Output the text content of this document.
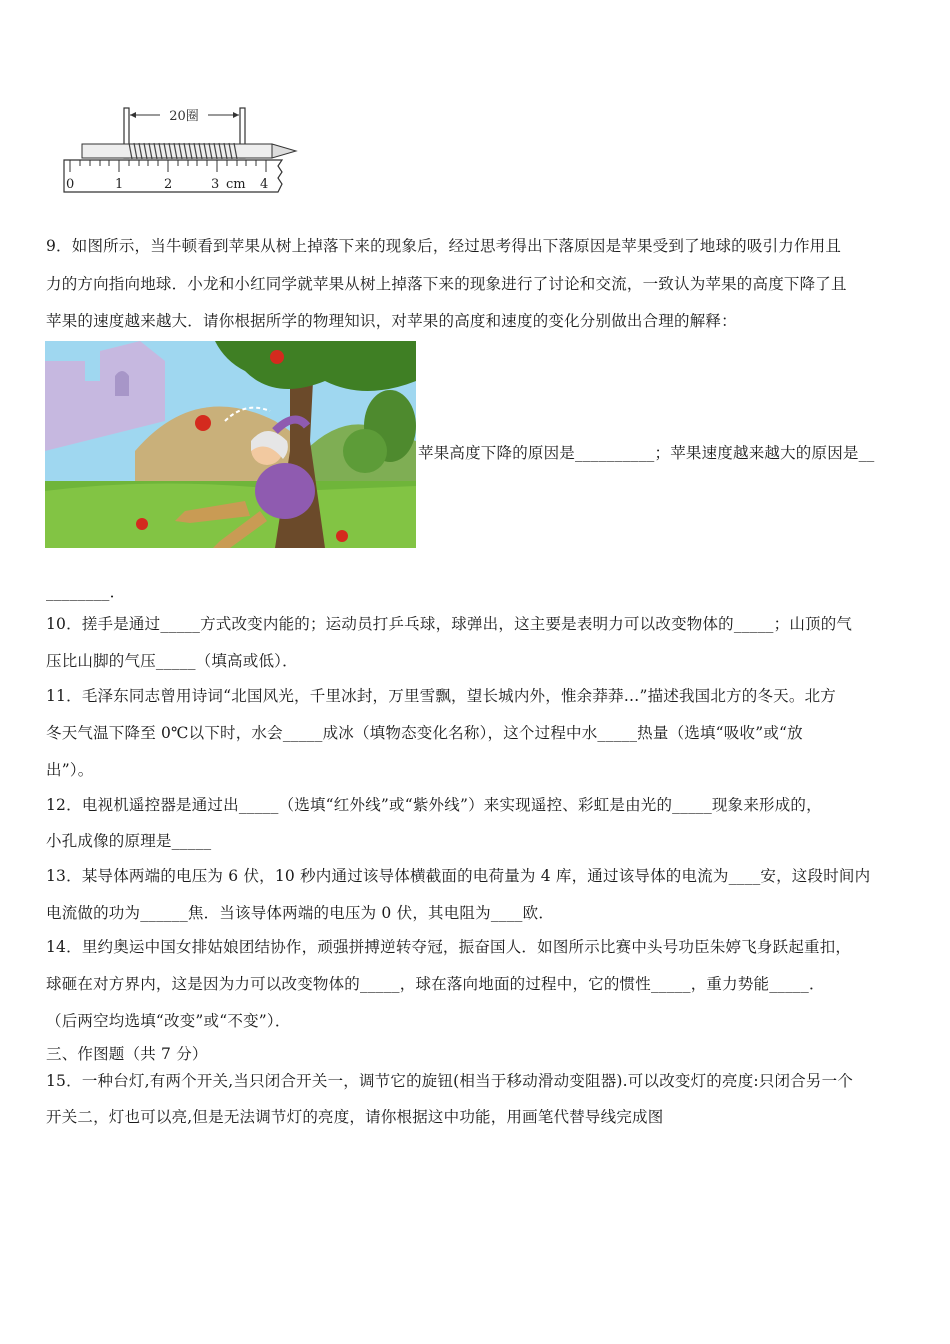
20圈
0	1	2	3 cm 4
9．如图所示，当牛顿看到苹果从树上掉落下来的现象后，经过思考得出下落原因是苹果受到了地球的吸引力作用且
力的方向指向地球．小龙和小红同学就苹果从树上掉落下来的现象进行了讨论和交流，一致认为苹果的高度下降了且
苹果的速度越来越大．请你根据所学的物理知识，对苹果的高度和速度的变化分别做出合理的解释：
苹果高度下降的原因是__________；苹果速度越来越大的原因是__
________．
10．搓手是通过_____方式改变内能的；运动员打乒乓球，球弹出，这主要是表明力可以改变物体的_____；山顶的气
压比山脚的气压_____（填高或低）．
11．毛泽东同志曾用诗词“北国风光，千里冰封，万里雪飘，望长城内外，惟余莽莽…”描述我国北方的冬天。北方
冬天气温下降至 0℃以下时，水会_____成冰（填物态变化名称），这个过程中水_____热量（选填“吸收”或“放
出”）。
12．电视机遥控器是通过出_____（选填“红外线”或“紫外线”）来实现遥控、彩虹是由光的_____现象来形成的，
小孔成像的原理是_____
13．某导体两端的电压为 6 伏，10 秒内通过该导体横截面的电荷量为 4 库，通过该导体的电流为____安，这段时间内
电流做的功为______焦．当该导体两端的电压为 0 伏，其电阻为____欧．
14．里约奥运中国女排姑娘团结协作，顽强拼搏逆转夺冠，振奋国人．如图所示比赛中头号功臣朱婷飞身跃起重扣，
球砸在对方界内，这是因为力可以改变物体的_____，球在落向地面的过程中，它的惯性_____，重力势能_____．
（后两空均选填“改变”或“不变”）．
三、作图题（共 7 分）
15．一种台灯,有两个开关,当只闭合开关一，调节它的旋钮(相当于移动滑动变阻器).可以改变灯的亮度:只闭合另一个
开关二，灯也可以亮,但是无法调节灯的亮度，请你根据这中功能，用画笔代替导线完成图
